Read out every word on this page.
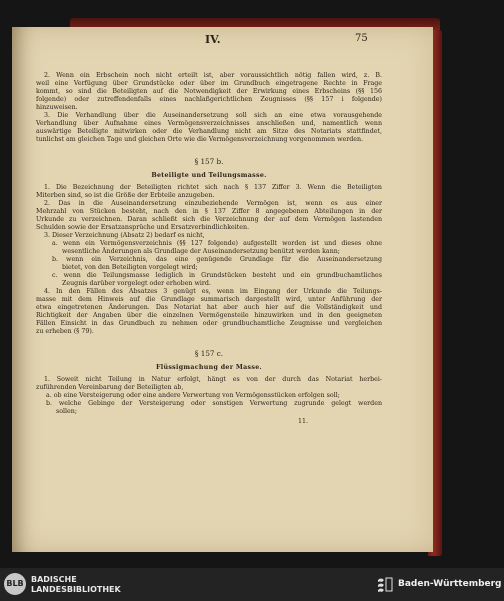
IV.	75
2. Wenn ein Erbschein noch nicht erteilt ist, aber voraussichtlich nötig fallen wird, z. B.
weil eine Verfügung über Grundstücke oder über im Grundbuch eingetragene Rechte in Frage
kommt, so sind die Beteiligten auf die Notwendigkeit der Erwirkung eines Erbscheins (§§ 156
folgende) oder zutreffendenfalls eines nachlaßgerichtlichen Zeugnisses (§§ 157 i folgende)
hinzuweisen.
3. Die Verhandlung über die Auseinandersetzung soll sich an eine etwa vorausgehende
Verhandlung über Aufnahme eines Vermögensverzeichnisses anschließen und, namentlich wenn
auswärtige Beteiligte mitwirken oder die Verhandlung nicht am Sitze des Notariats stattfindet,
tunlichst am gleichen Tage und gleichen Orte wie die Vermögensverzeichnung vorgenommen werden.
§ 157 b.
Beteiligte und Teilungsmasse.
1. Die Bezeichnung der Beteiligten richtet sich nach § 137 Ziffer 3. Wenn die Beteiligten
Miterben sind, so ist die Größe der Erbteile anzugeben.
2. Das in die Auseinandersetzung einzubeziehende Vermögen ist, wenn es aus einer
Mehrzahl von Stücken besteht, nach den in § 137 Ziffer 8 angegebenen Abteilungen in der
Urkunde zu verzeichnen. Daran schließt sich die Verzeichnung der auf dem Vermögen lastenden
Schulden sowie der Ersatzansprüche und Ersatzverbindlichkeiten.
3. Dieser Verzeichnung (Absatz 2) bedarf es nicht,
a. wenn ein Vermögensverzeichnis (§§ 127 folgende) aufgestellt worden ist und dieses ohne
wesentliche Änderungen als Grundlage der Auseinandersetzung benützt werden kann;
b. wenn ein Verzeichnis, das eine genügende Grundlage für die Auseinandersetzung
bietet, von den Beteiligten vorgelegt wird;
c. wenn die Teilungsmasse lediglich in Grundstücken besteht und ein grundbuchamtliches
Zeugnis darüber vorgelegt oder erhoben wird.
4. In den Fällen des Absatzes 3 genügt es, wenn im Eingang der Urkunde die Teilungs-
masse mit dem Hinweis auf die Grundlage summarisch dargestellt wird, unter Anführung der
etwa eingetretenen Änderungen. Das Notariat hat aber auch hier auf die Vollständigkeit und
Richtigkeit der Angaben über die einzelnen Vermögensteile hinzuwirken und in den geeigneten
Fällen Einsicht in das Grundbuch zu nehmen oder grundbuchamtliche Zeugnisse und vergleichen
zu erheben (§ 79).
§ 157 c.
Flüssigmachung der Masse.
1. Soweit nicht Teilung in Natur erfolgt, hängt es von der durch das Notariat herbei-
zuführenden Vereinbarung der Beteiligten ab,
a. ob eine Versteigerung oder eine andere Verwertung von Vermögensstücken erfolgen soll;
b. welche Gebinge der Versteigerung oder sonstigen Verwertung zugrunde gelegt werden
sollen;
11.
BLB BADISCHE
LANDESBIBLIOTHEK
Baden-Württemberg
